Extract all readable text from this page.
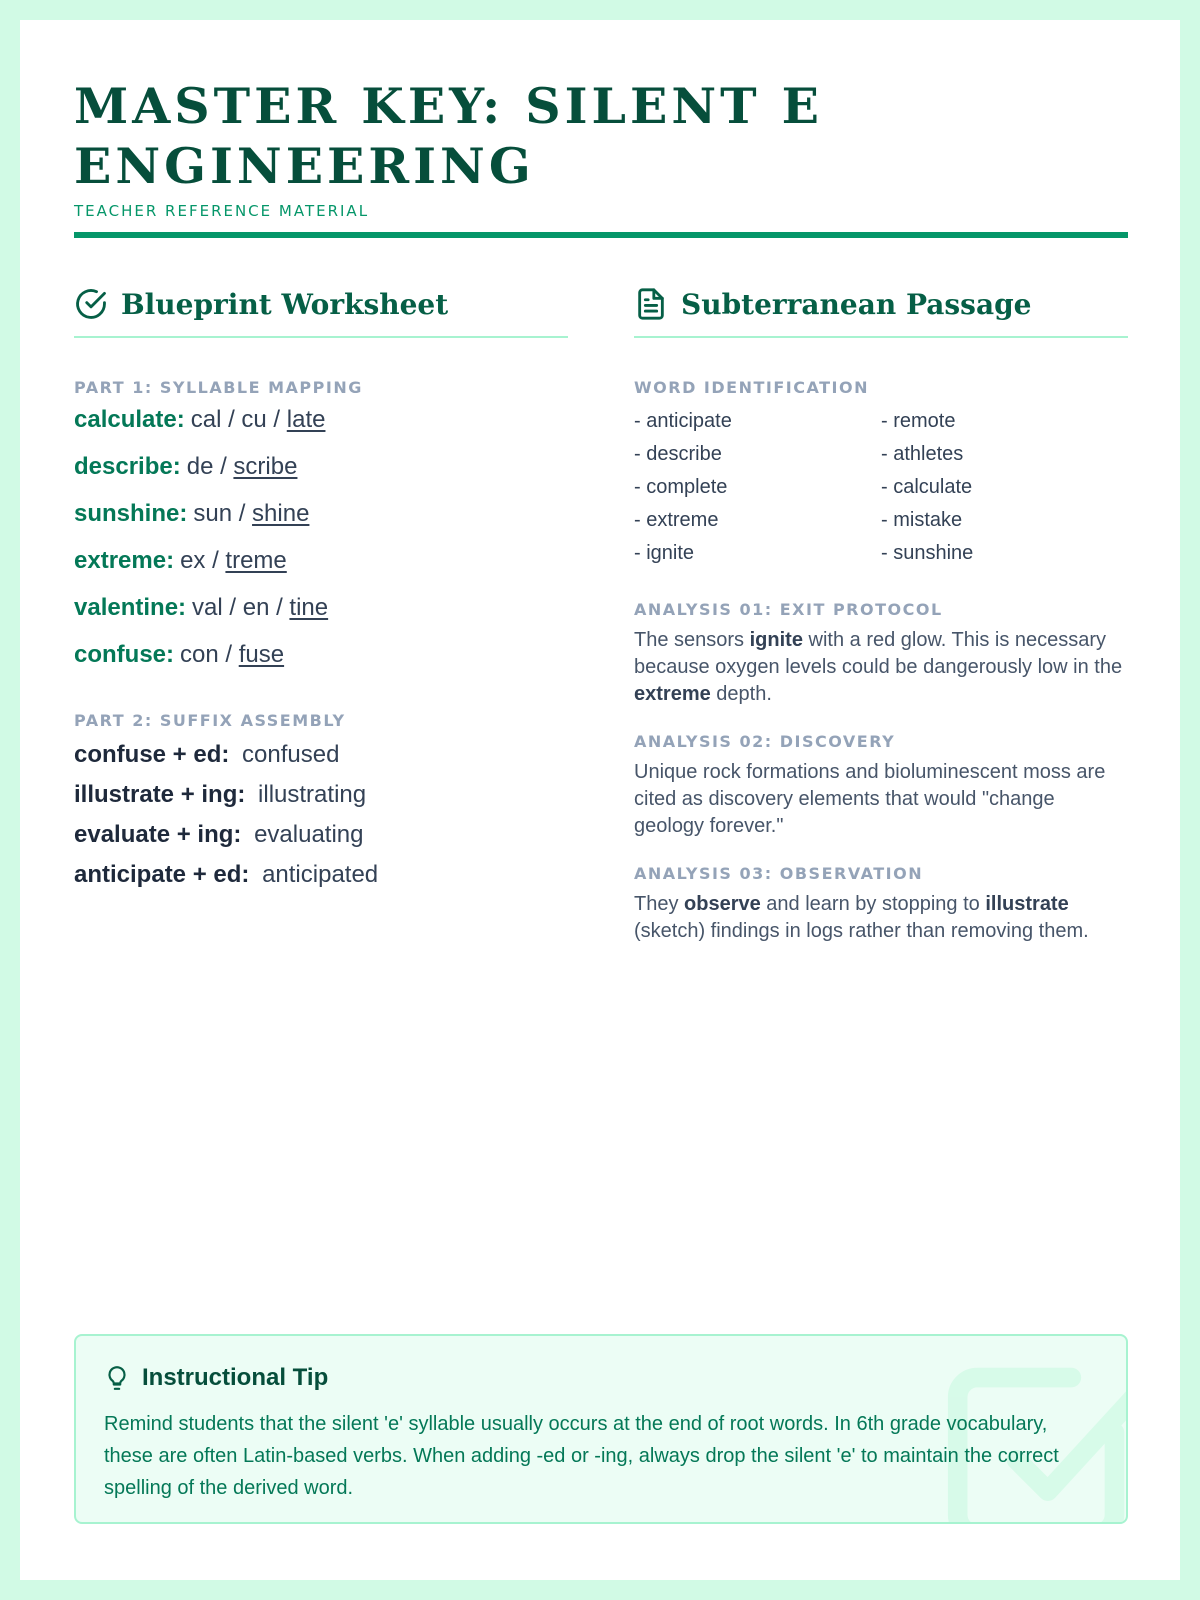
MASTER KEY: SILENT E ENGINEERING
TEACHER REFERENCE MATERIAL
Blueprint Worksheet
PART 1: SYLLABLE MAPPING
calculate: cal / cu /
late
describe: de /
scribe
sunshine: sun /
shine
extreme: ex /
treme
valentine: val / en /
tine
confuse: con /
fuse
PART 2: SUFFIX ASSEMBLY
confuse + ed: confused
illustrate + ing: illustrating
evaluate + ing: evaluating
anticipate + ed: anticipated
Subterranean Passage
WORD IDENTIFICATION
- anticipate
- describe
- complete
- extreme
- ignite
- remote
- athletes
- calculate
- mistake
- sunshine
ANALYSIS 01: EXIT PROTOCOL
The sensors ignite with a red glow. This is necessary because oxygen levels could be dangerously low in the extreme depth.
ANALYSIS 02: DISCOVERY
Unique rock formations and bioluminescent moss are cited as discovery elements that would "change geology forever."
ANALYSIS 03: OBSERVATION
They observe and learn by stopping to illustrate (sketch) findings in logs rather than removing them.
Instructional Tip
Remind students that the silent 'e' syllable usually occurs at the end of root words. In 6th grade vocabulary, these are often Latin-based verbs. When adding -ed or -ing, always drop the silent 'e' to maintain the correct spelling of the derived word.
